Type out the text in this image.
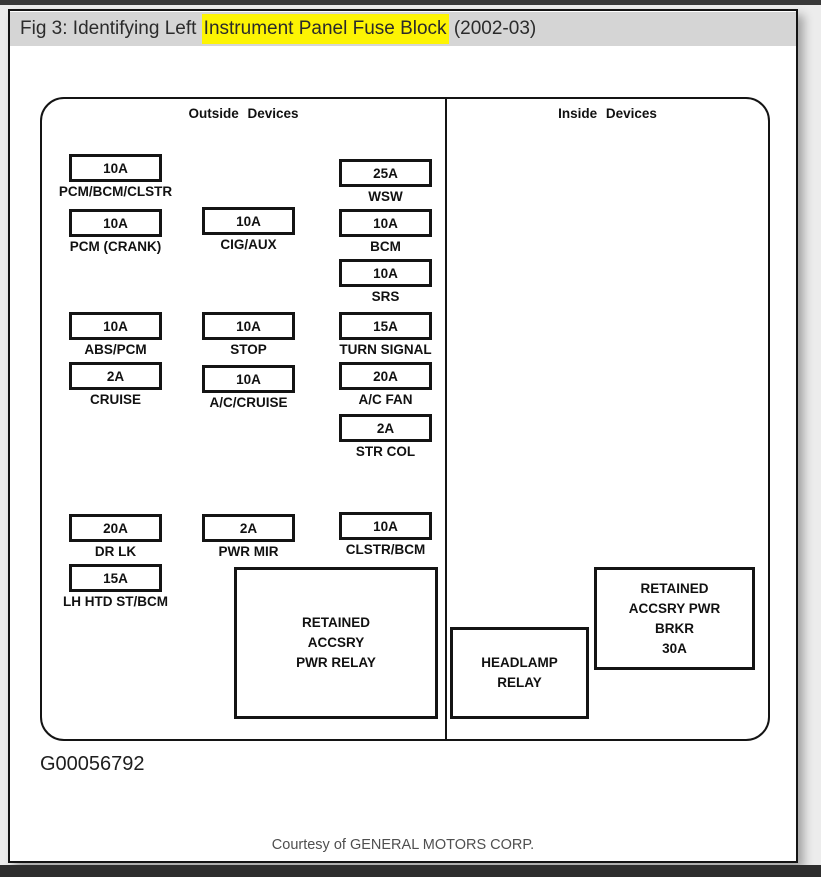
Fig 3: Identifying Left Instrument Panel Fuse Block (2002-03)
Outside Devices	Inside Devices
10A
PCM/BCM/CLSTR
10A
PCM (CRANK)
10A
CIG/AUX
25A
WSW
10A
BCM
10A
SRS
10A
ABS/PCM
10A
STOP
15A
TURN SIGNAL
2A
CRUISE
10A
A/C/CRUISE
20A
A/C FAN
2A
STR COL
20A
DR LK
2A
PWR MIR
10A
CLSTR/BCM
15A
LH HTD ST/BCM
RETAINED
ACCSRY
PWR RELAY	HEADLAMP
RELAY
RETAINED
ACCSRY PWR
BRKR
30A
G00056792
Courtesy of GENERAL MOTORS CORP.
